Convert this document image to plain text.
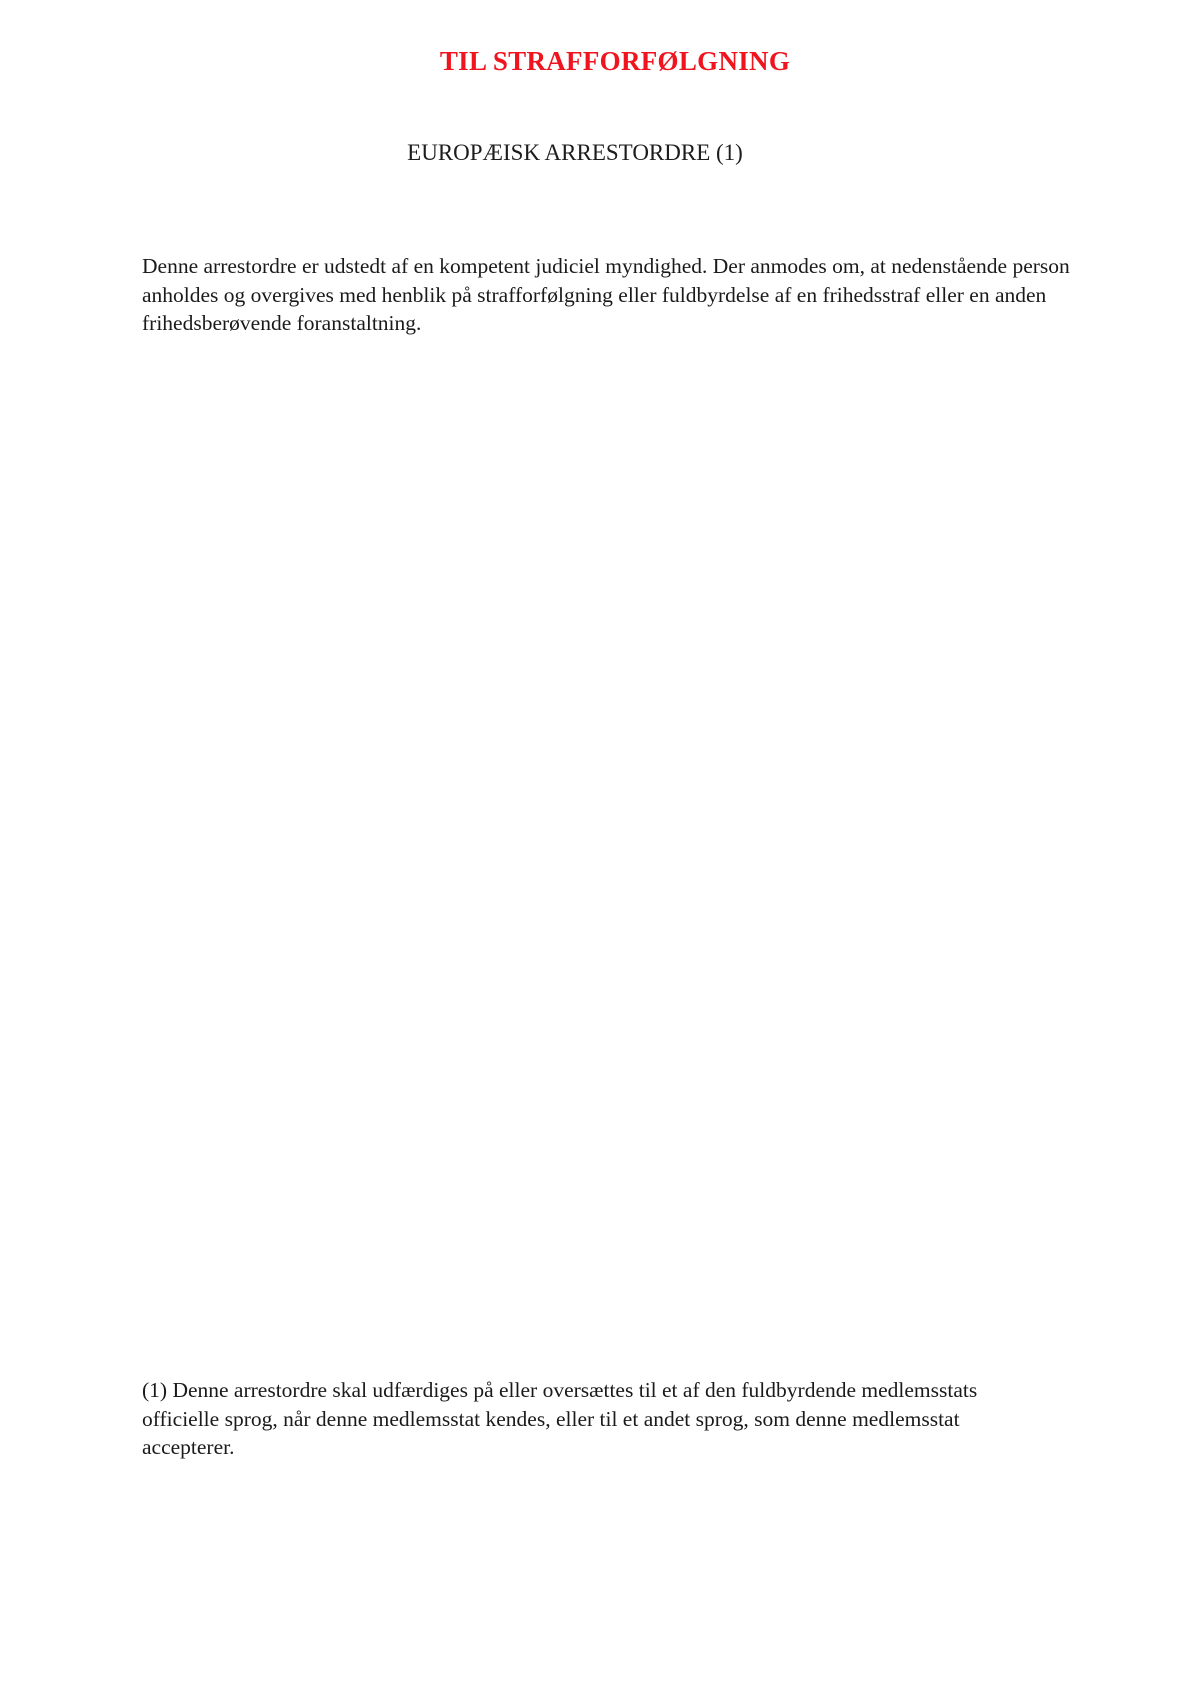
TIL STRAFFORFØLGNING
EUROPÆISK ARRESTORDRE (1)

Denne arrestordre er udstedt af en kompetent judiciel myndighed. Der anmodes om, at nedenstående person anholdes og overgives med henblik på strafforfølgning eller fuldbyrdelse af en frihedsstraf eller en anden frihedsberøvende foranstaltning.

(1) Denne arrestordre skal udfærdiges på eller oversættes til et af den fuldbyrdende medlemsstats officielle sprog, når denne medlemsstat kendes, eller til et andet sprog, som denne medlemsstat accepterer.
